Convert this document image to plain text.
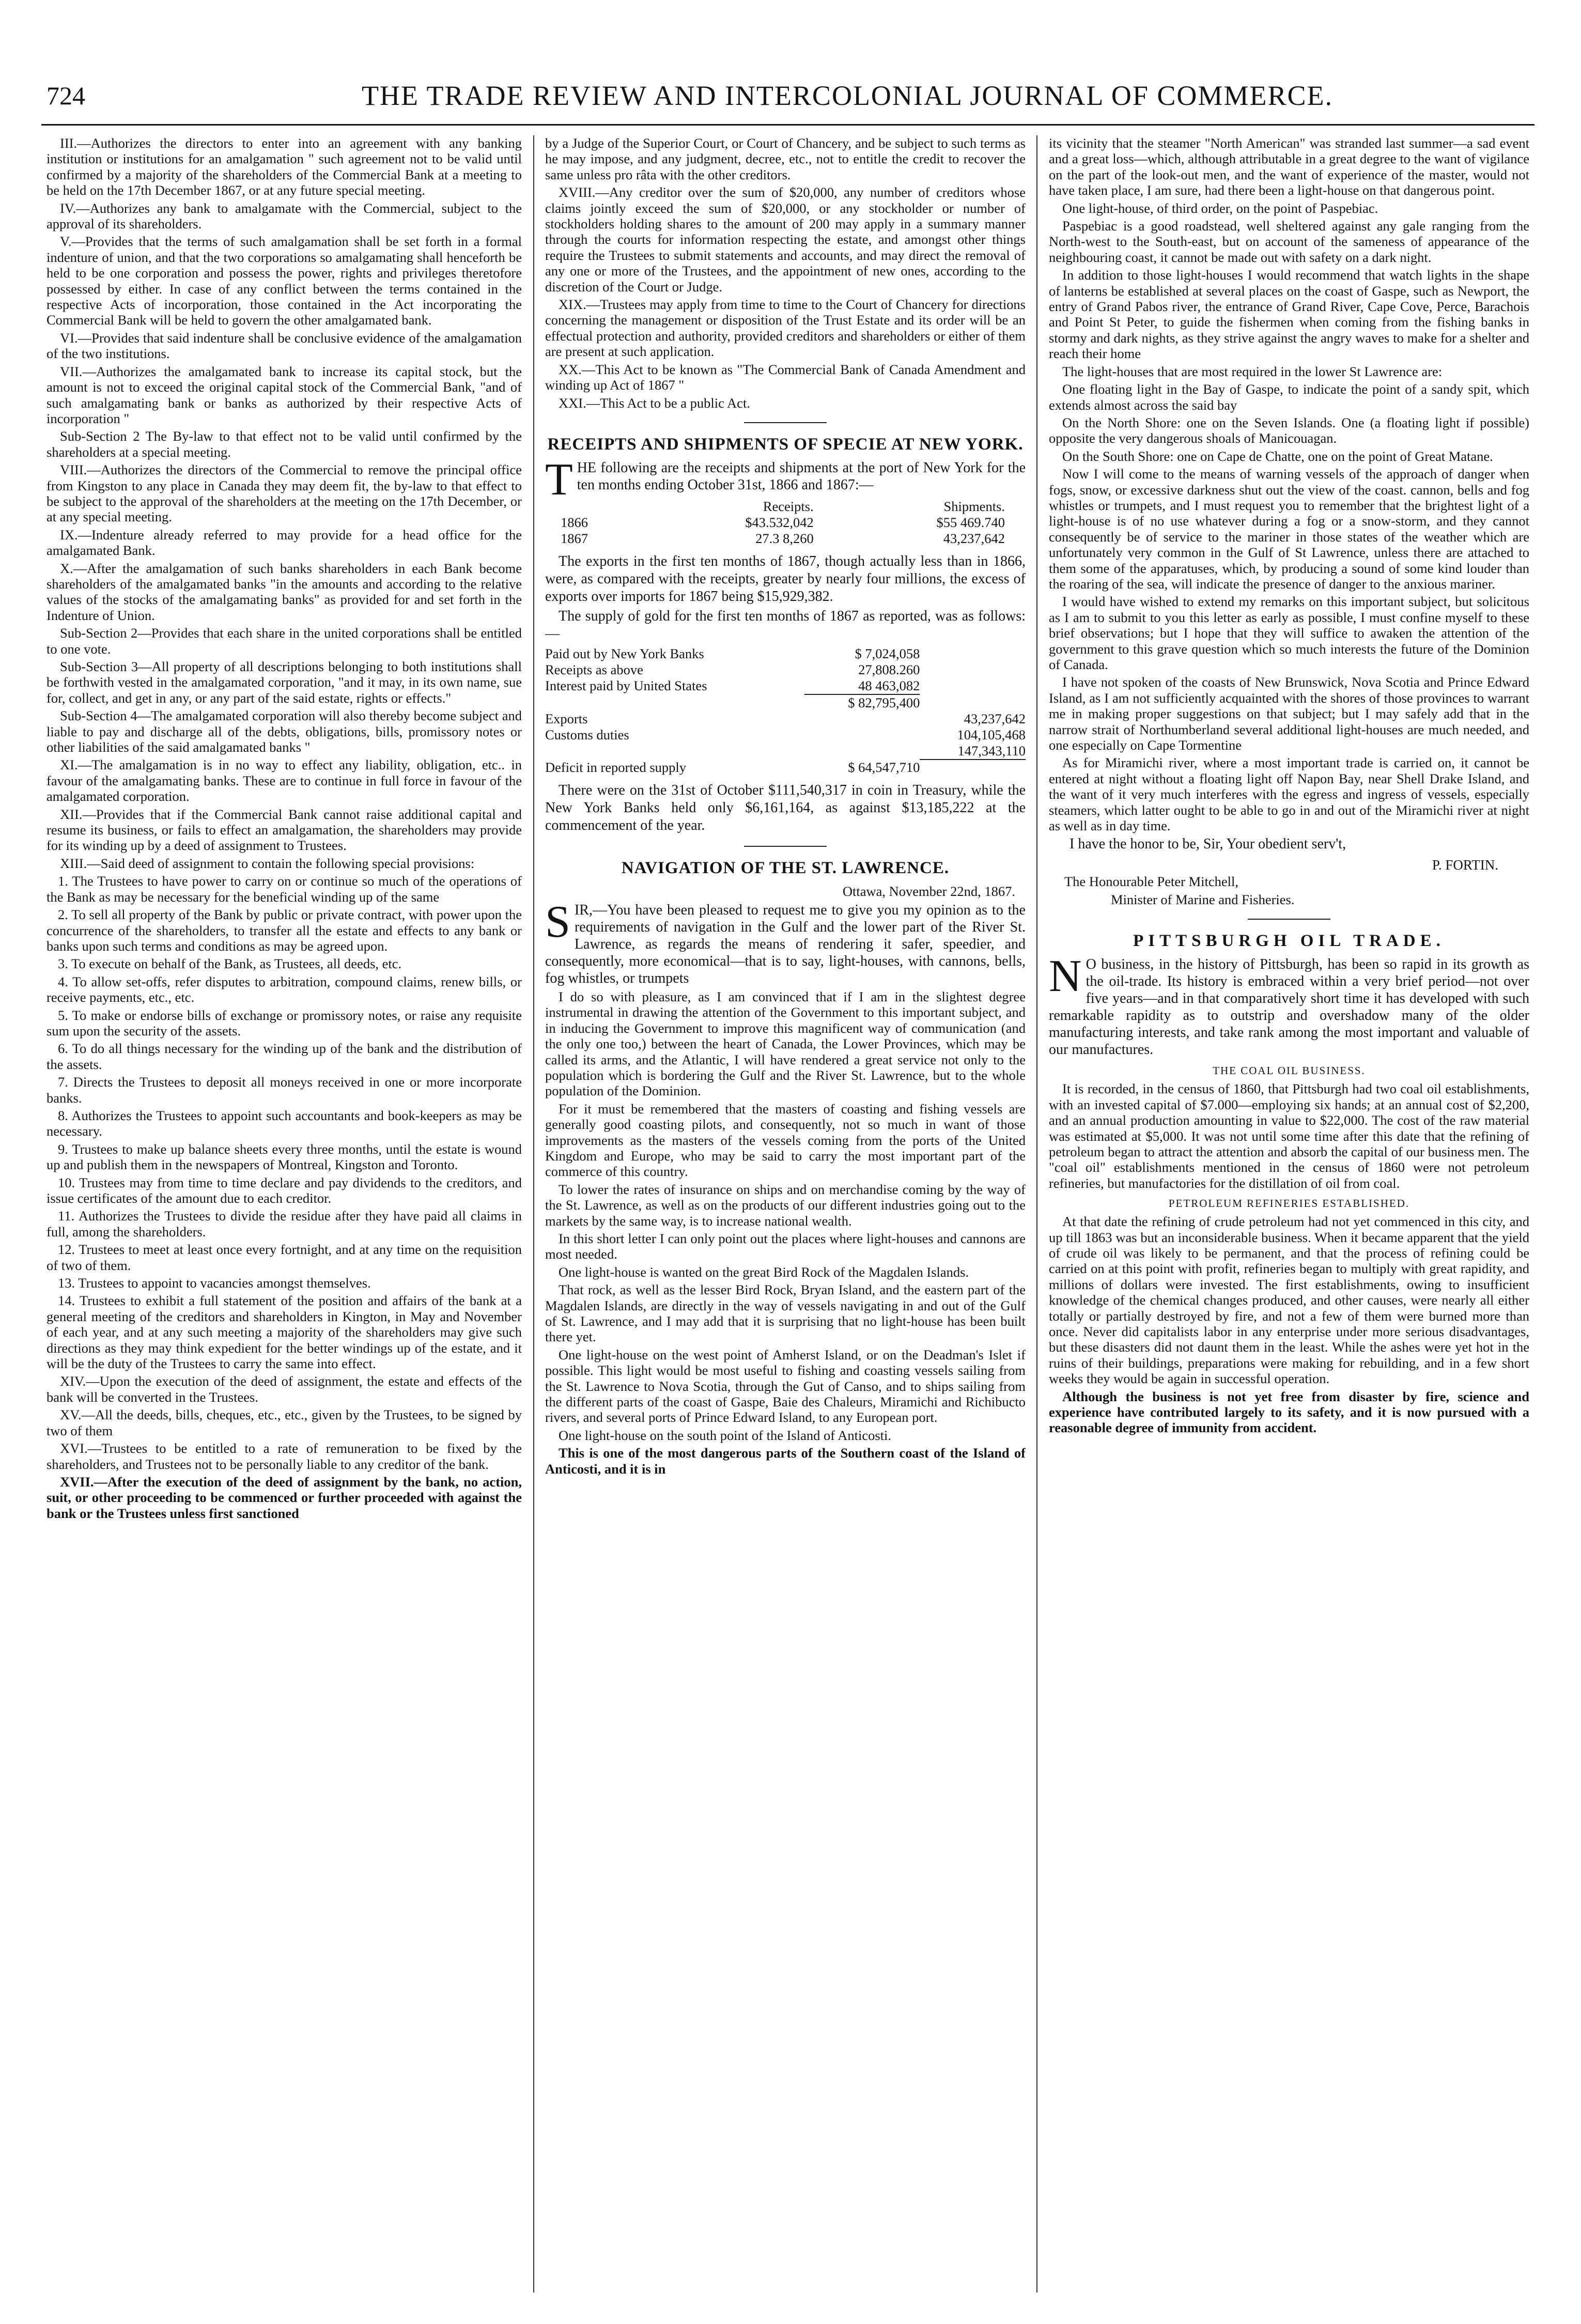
724	THE TRADE REVIEW AND INTERCOLONIAL JOURNAL OF COMMERCE.

III.—Authorizes the directors to enter into an agreement with any banking institution or institutions for an amalgamation " such agreement not to be valid until confirmed by a majority of the shareholders of the Commercial Bank at a meeting to be held on the 17th December 1867, or at any future special meeting.

IV.—Authorizes any bank to amalgamate with the Commercial, subject to the approval of its shareholders.

V.—Provides that the terms of such amalgamation shall be set forth in a formal indenture of union, and that the two corporations so amalgamating shall henceforth be held to be one corporation and possess the power, rights and privileges theretofore possessed by either. In case of any conflict between the terms contained in the respective Acts of incorporation, those contained in the Act incorporating the Commercial Bank will be held to govern the other amalgamated bank.

VI.—Provides that said indenture shall be conclusive evidence of the amalgamation of the two institutions.

VII.—Authorizes the amalgamated bank to increase its capital stock, but the amount is not to exceed the original capital stock of the Commercial Bank, "and of such amalgamating bank or banks as authorized by their respective Acts of incorporation "

Sub-Section 2 The By-law to that effect not to be valid until confirmed by the shareholders at a special meeting.

VIII.—Authorizes the directors of the Commercial to remove the principal office from Kingston to any place in Canada they may deem fit, the by-law to that effect to be subject to the approval of the shareholders at the meeting on the 17th December, or at any special meeting.

IX.—Indenture already referred to may provide for a head office for the amalgamated Bank.

X.—After the amalgamation of such banks shareholders in each Bank become shareholders of the amalgamated banks "in the amounts and according to the relative values of the stocks of the amalgamating banks" as provided for and set forth in the Indenture of Union.

Sub-Section 2—Provides that each share in the united corporations shall be entitled to one vote.

Sub-Section 3—All property of all descriptions belonging to both institutions shall be forthwith vested in the amalgamated corporation, "and it may, in its own name, sue for, collect, and get in any, or any part of the said estate, rights or effects."

Sub-Section 4—The amalgamated corporation will also thereby become subject and liable to pay and discharge all of the debts, obligations, bills, promissory notes or other liabilities of the said amalgamated banks "

XI.—The amalgamation is in no way to effect any liability, obligation, etc.. in favour of the amalgamating banks. These are to continue in full force in favour of the amalgamated corporation.

XII.—Provides that if the Commercial Bank cannot raise additional capital and resume its business, or fails to effect an amalgamation, the shareholders may provide for its winding up by a deed of assignment to Trustees.

XIII.—Said deed of assignment to contain the following special provisions:

1. The Trustees to have power to carry on or continue so much of the operations of the Bank as may be necessary for the beneficial winding up of the same

2. To sell all property of the Bank by public or private contract, with power upon the concurrence of the shareholders, to transfer all the estate and effects to any bank or banks upon such terms and conditions as may be agreed upon.

3. To execute on behalf of the Bank, as Trustees, all deeds, etc.

4. To allow set-offs, refer disputes to arbitration, compound claims, renew bills, or receive payments, etc., etc.

5. To make or endorse bills of exchange or promissory notes, or raise any requisite sum upon the security of the assets.

6. To do all things necessary for the winding up of the bank and the distribution of the assets.

7. Directs the Trustees to deposit all moneys received in one or more incorporate banks.

8. Authorizes the Trustees to appoint such accountants and book-keepers as may be necessary.

9. Trustees to make up balance sheets every three months, until the estate is wound up and publish them in the newspapers of Montreal, Kingston and Toronto.

10. Trustees may from time to time declare and pay dividends to the creditors, and issue certificates of the amount due to each creditor.

11. Authorizes the Trustees to divide the residue after they have paid all claims in full, among the shareholders.

12. Trustees to meet at least once every fortnight, and at any time on the requisition of two of them.

13. Trustees to appoint to vacancies amongst themselves.

14. Trustees to exhibit a full statement of the position and affairs of the bank at a general meeting of the creditors and shareholders in Kington, in May and November of each year, and at any such meeting a majority of the shareholders may give such directions as they may think expedient for the better windings up of the estate, and it will be the duty of the Trustees to carry the same into effect.

XIV.—Upon the execution of the deed of assignment, the estate and effects of the bank will be converted in the Trustees.

XV.—All the deeds, bills, cheques, etc., etc., given by the Trustees, to be signed by two of them

XVI.—Trustees to be entitled to a rate of remuneration to be fixed by the shareholders, and Trustees not to be personally liable to any creditor of the bank.

XVII.—After the execution of the deed of assignment by the bank, no action, suit, or other proceeding to be commenced or further proceeded with against the bank or the Trustees unless first sanctioned

by a Judge of the Superior Court, or Court of Chancery, and be subject to such terms as he may impose, and any judgment, decree, etc., not to entitle the credit to recover the same unless pro râta with the other creditors.

XVIII.—Any creditor over the sum of $20,000, any number of creditors whose claims jointly exceed the sum of $20,000, or any stockholder or number of stockholders holding shares to the amount of 200 may apply in a summary manner through the courts for information respecting the estate, and amongst other things require the Trustees to submit statements and accounts, and may direct the removal of any one or more of the Trustees, and the appointment of new ones, according to the discretion of the Court or Judge.

XIX.—Trustees may apply from time to time to the Court of Chancery for directions concerning the management or disposition of the Trust Estate and its order will be an effectual protection and authority, provided creditors and shareholders or either of them are present at such application.

XX.—This Act to be known as "The Commercial Bank of Canada Amendment and winding up Act of 1867 "

XXI.—This Act to be a public Act.

RECEIPTS AND SHIPMENTS OF SPECIE AT NEW YORK.

THE following are the receipts and shipments at the port of New York for the ten months ending October 31st, 1866 and 1867:—

	Receipts.	Shipments.
1866	$43.532,042	$55 469.740
1867	27.3 8,260	43,237,642

The exports in the first ten months of 1867, though actually less than in 1866, were, as compared with the receipts, greater by nearly four millions, the excess of exports over imports for 1867 being $15,929,382.

The supply of gold for the first ten months of 1867 as reported, was as follows:—

Paid out by New York Banks	$ 7,024,058	
Receipts as above	27,808.260	
Interest paid by United States	48 463,082	
	$ 82,795,400	
Exports		43,237,642
Customs duties		104,105,468
		147,343,110
Deficit in reported supply	$ 64,547,710	

There were on the 31st of October $111,540,317 in coin in Treasury, while the New York Banks held only $6,161,164, as against $13,185,222 at the commencement of the year.

NAVIGATION OF THE ST. LAWRENCE.
Ottawa, November 22nd, 1867.

SIR,—You have been pleased to request me to give you my opinion as to the requirements of navigation in the Gulf and the lower part of the River St. Lawrence, as regards the means of rendering it safer, speedier, and consequently, more economical—that is to say, light-houses, with cannons, bells, fog whistles, or trumpets

I do so with pleasure, as I am convinced that if I am in the slightest degree instrumental in drawing the attention of the Government to this important subject, and in inducing the Government to improve this magnificent way of communication (and the only one too,) between the heart of Canada, the Lower Provinces, which may be called its arms, and the Atlantic, I will have rendered a great service not only to the population which is bordering the Gulf and the River St. Lawrence, but to the whole population of the Dominion.

For it must be remembered that the masters of coasting and fishing vessels are generally good coasting pilots, and consequently, not so much in want of those improvements as the masters of the vessels coming from the ports of the United Kingdom and Europe, who may be said to carry the most important part of the commerce of this country.

To lower the rates of insurance on ships and on merchandise coming by the way of the St. Lawrence, as well as on the products of our different industries going out to the markets by the same way, is to increase national wealth.

In this short letter I can only point out the places where light-houses and cannons are most needed.

One light-house is wanted on the great Bird Rock of the Magdalen Islands.

That rock, as well as the lesser Bird Rock, Bryan Island, and the eastern part of the Magdalen Islands, are directly in the way of vessels navigating in and out of the Gulf of St. Lawrence, and I may add that it is surprising that no light-house has been built there yet.

One light-house on the west point of Amherst Island, or on the Deadman's Islet if possible. This light would be most useful to fishing and coasting vessels sailing from the St. Lawrence to Nova Scotia, through the Gut of Canso, and to ships sailing from the different parts of the coast of Gaspe, Baie des Chaleurs, Miramichi and Richibucto rivers, and several ports of Prince Edward Island, to any European port.

One light-house on the south point of the Island of Anticosti.

This is one of the most dangerous parts of the Southern coast of the Island of Anticosti, and it is in

its vicinity that the steamer "North American" was stranded last summer—a sad event and a great loss—which, although attributable in a great degree to the want of vigilance on the part of the look-out men, and the want of experience of the master, would not have taken place, I am sure, had there been a light-house on that dangerous point.

One light-house, of third order, on the point of Paspebiac.

Paspebiac is a good roadstead, well sheltered against any gale ranging from the North-west to the South-east, but on account of the sameness of appearance of the neighbouring coast, it cannot be made out with safety on a dark night.

In addition to those light-houses I would recommend that watch lights in the shape of lanterns be established at several places on the coast of Gaspe, such as Newport, the entry of Grand Pabos river, the entrance of Grand River, Cape Cove, Perce, Barachois and Point St Peter, to guide the fishermen when coming from the fishing banks in stormy and dark nights, as they strive against the angry waves to make for a shelter and reach their home

The light-houses that are most required in the lower St Lawrence are:

One floating light in the Bay of Gaspe, to indicate the point of a sandy spit, which extends almost across the said bay

On the North Shore: one on the Seven Islands. One (a floating light if possible) opposite the very dangerous shoals of Manicouagan.

On the South Shore: one on Cape de Chatte, one on the point of Great Matane.

Now I will come to the means of warning vessels of the approach of danger when fogs, snow, or excessive darkness shut out the view of the coast. cannon, bells and fog whistles or trumpets, and I must request you to remember that the brightest light of a light-house is of no use whatever during a fog or a snow-storm, and they cannot consequently be of service to the mariner in those states of the weather which are unfortunately very common in the Gulf of St Lawrence, unless there are attached to them some of the apparatuses, which, by producing a sound of some kind louder than the roaring of the sea, will indicate the presence of danger to the anxious mariner.

I would have wished to extend my remarks on this important subject, but solicitous as I am to submit to you this letter as early as possible, I must confine myself to these brief observations; but I hope that they will suffice to awaken the attention of the government to this grave question which so much interests the future of the Dominion of Canada.

I have not spoken of the coasts of New Brunswick, Nova Scotia and Prince Edward Island, as I am not sufficiently acquainted with the shores of those provinces to warrant me in making proper suggestions on that subject; but I may safely add that in the narrow strait of Northumberland several additional light-houses are much needed, and one especially on Cape Tormentine

As for Miramichi river, where a most important trade is carried on, it cannot be entered at night without a floating light off Napon Bay, near Shell Drake Island, and the want of it very much interferes with the egress and ingress of vessels, especially steamers, which latter ought to be able to go in and out of the Miramichi river at night as well as in day time.

I have the honor to be, Sir, Your obedient serv't,

P. FORTIN.

The Honourable Peter Mitchell,

Minister of Marine and Fisheries.

PITTSBURGH OIL TRADE.

N O business, in the history of Pittsburgh, has been so rapid in its growth as the oil-trade. Its history is embraced within a very brief period—not over five years—and in that comparatively short time it has developed with such remarkable rapidity as to outstrip and overshadow many of the older manufacturing interests, and take rank among the most important and valuable of our manufactures.

THE COAL OIL BUSINESS.

It is recorded, in the census of 1860, that Pittsburgh had two coal oil establishments, with an invested capital of $7.000—employing six hands; at an annual cost of $2,200, and an annual production amounting in value to $22,000. The cost of the raw material was estimated at $5,000. It was not until some time after this date that the refining of petroleum began to attract the attention and absorb the capital of our business men. The "coal oil" establishments mentioned in the census of 1860 were not petroleum refineries, but manufactories for the distillation of oil from coal.

PETROLEUM REFINERIES ESTABLISHED.

At that date the refining of crude petroleum had not yet commenced in this city, and up till 1863 was but an inconsiderable business. When it became apparent that the yield of crude oil was likely to be permanent, and that the process of refining could be carried on at this point with profit, refineries began to multiply with great rapidity, and millions of dollars were invested. The first establishments, owing to insufficient knowledge of the chemical changes produced, and other causes, were nearly all either totally or partially destroyed by fire, and not a few of them were burned more than once. Never did capitalists labor in any enterprise under more serious disadvantages, but these disasters did not daunt them in the least. While the ashes were yet hot in the ruins of their buildings, preparations were making for rebuilding, and in a few short weeks they would be again in successful operation.

Although the business is not yet free from disaster by fire, science and experience have contributed largely to its safety, and it is now pursued with a reasonable degree of immunity from accident.
